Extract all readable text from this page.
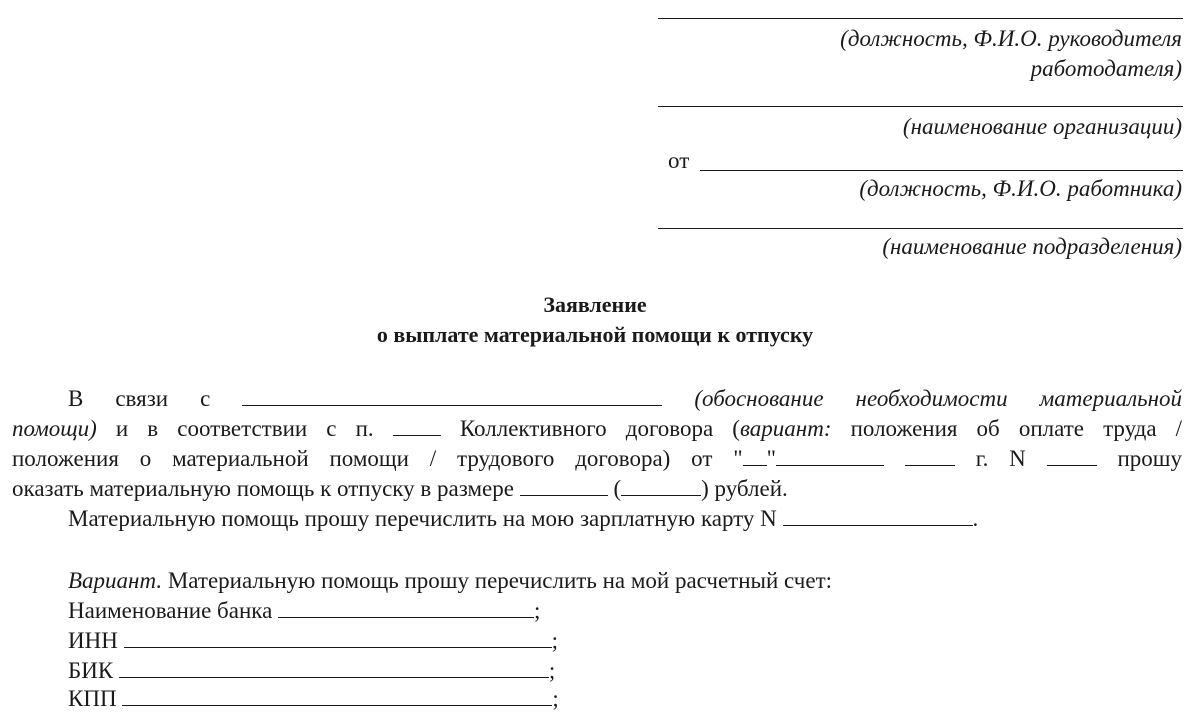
(должность, Ф.И.О. руководителя
работодателя)
(наименование организации)
от
(должность, Ф.И.О. работника)
(наименование подразделения)
Заявление
о выплате материальной помощи к отпуску
В связи с	(обоснование необходимости материальной
помощи) и в соответствии с п.	Коллективного договора (вариант: положения об оплате труда /
положения о материальной помощи / трудового договора) от " "	г. N	прошу
оказать материальную помощь к отпуску в размере	(	) рублей.
Материальную помощь прошу перечислить на мою зарплатную карту N	.
Вариант. Материальную помощь прошу перечислить на мой расчетный счет:
Наименование банка	;
ИНН	;
БИК	;
КПП	;
